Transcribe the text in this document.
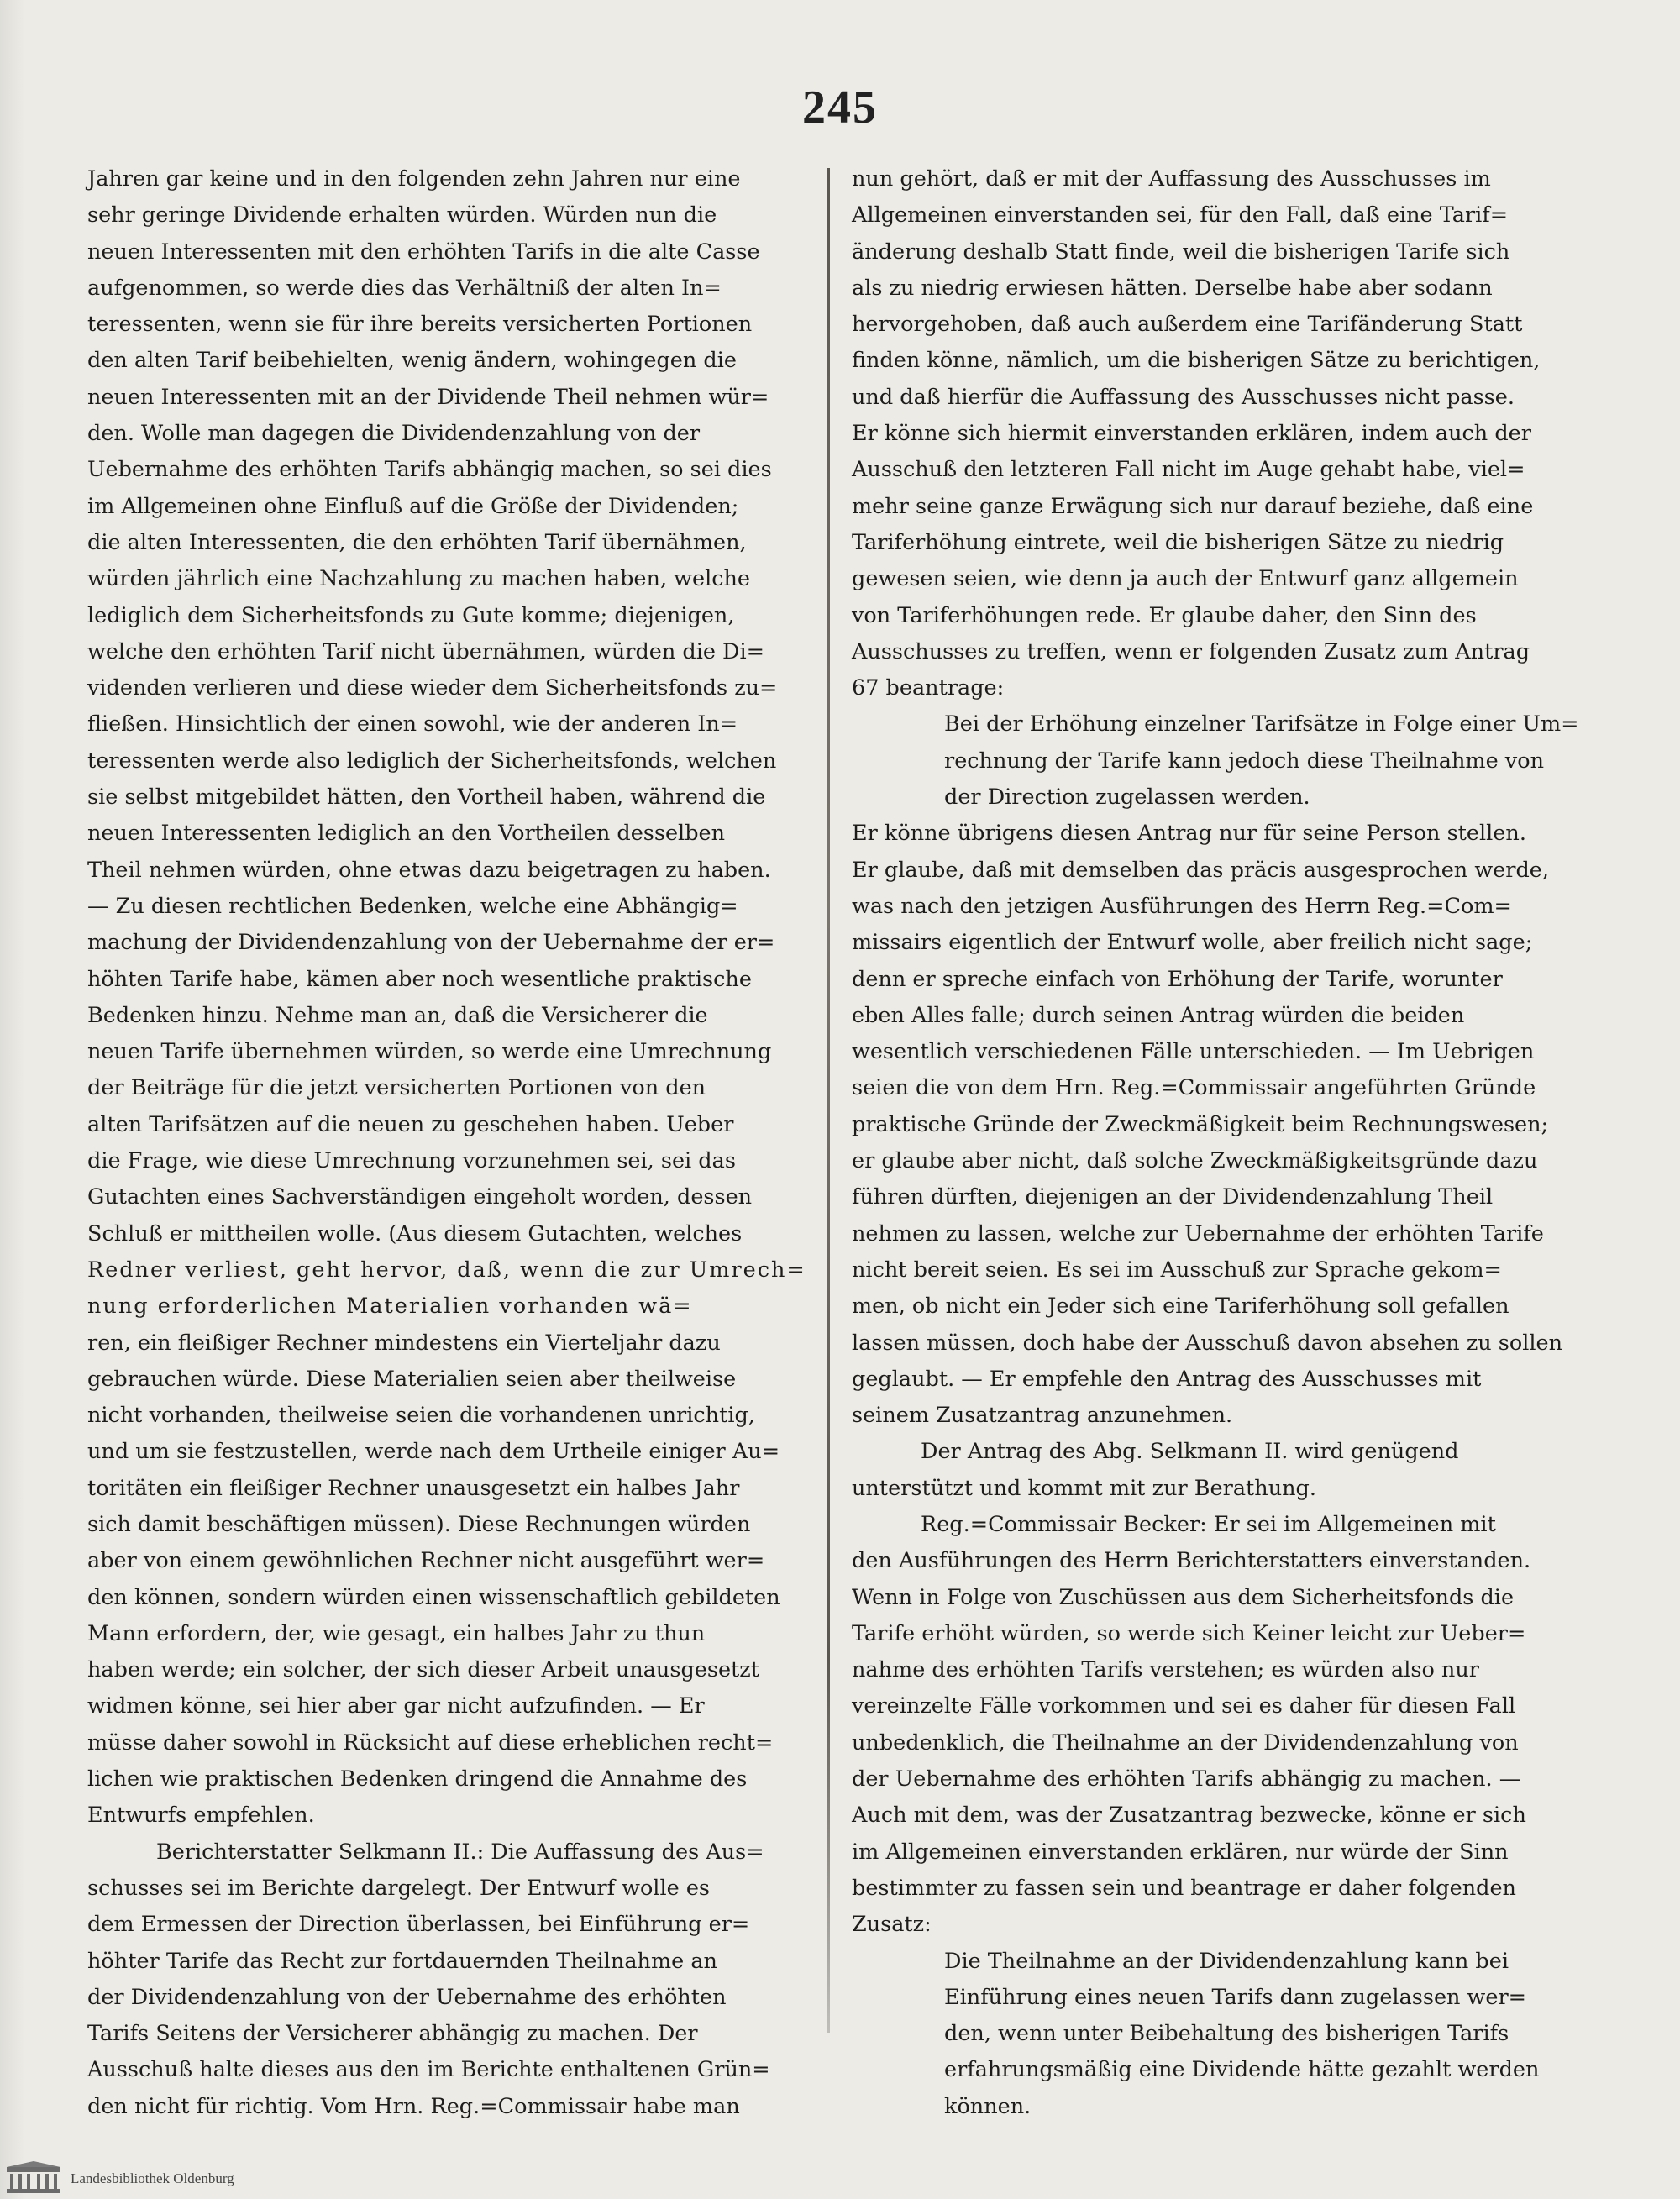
245
Jahren gar keine und in den folgenden zehn Jahren nur eine
sehr geringe Dividende erhalten würden. Würden nun die
neuen Interessenten mit den erhöhten Tarifs in die alte Casse
aufgenommen, so werde dies das Verhältniß der alten In=
teressenten, wenn sie für ihre bereits versicherten Portionen
den alten Tarif beibehielten, wenig ändern, wohingegen die
neuen Interessenten mit an der Dividende Theil nehmen wür=
den. Wolle man dagegen die Dividendenzahlung von der
Uebernahme des erhöhten Tarifs abhängig machen, so sei dies
im Allgemeinen ohne Einfluß auf die Größe der Dividenden;
die alten Interessenten, die den erhöhten Tarif übernähmen,
würden jährlich eine Nachzahlung zu machen haben, welche
lediglich dem Sicherheitsfonds zu Gute komme; diejenigen,
welche den erhöhten Tarif nicht übernähmen, würden die Di=
videnden verlieren und diese wieder dem Sicherheitsfonds zu=
fließen. Hinsichtlich der einen sowohl, wie der anderen In=
teressenten werde also lediglich der Sicherheitsfonds, welchen
sie selbst mitgebildet hätten, den Vortheil haben, während die
neuen Interessenten lediglich an den Vortheilen desselben
Theil nehmen würden, ohne etwas dazu beigetragen zu haben.
— Zu diesen rechtlichen Bedenken, welche eine Abhängig=
machung der Dividendenzahlung von der Uebernahme der er=
höhten Tarife habe, kämen aber noch wesentliche praktische
Bedenken hinzu. Nehme man an, daß die Versicherer die
neuen Tarife übernehmen würden, so werde eine Umrechnung
der Beiträge für die jetzt versicherten Portionen von den
alten Tarifsätzen auf die neuen zu geschehen haben. Ueber
die Frage, wie diese Umrechnung vorzunehmen sei, sei das
Gutachten eines Sachverständigen eingeholt worden, dessen
Schluß er mittheilen wolle. (Aus diesem Gutachten, welches
Redner verliest, geht hervor, daß, wenn die zur Umrech=
nung erforderlichen Materialien vorhanden wä=
ren, ein fleißiger Rechner mindestens ein Vierteljahr dazu
gebrauchen würde. Diese Materialien seien aber theilweise
nicht vorhanden, theilweise seien die vorhandenen unrichtig,
und um sie festzustellen, werde nach dem Urtheile einiger Au=
toritäten ein fleißiger Rechner unausgesetzt ein halbes Jahr
sich damit beschäftigen müssen). Diese Rechnungen würden
aber von einem gewöhnlichen Rechner nicht ausgeführt wer=
den können, sondern würden einen wissenschaftlich gebildeten
Mann erfordern, der, wie gesagt, ein halbes Jahr zu thun
haben werde; ein solcher, der sich dieser Arbeit unausgesetzt
widmen könne, sei hier aber gar nicht aufzufinden. — Er
müsse daher sowohl in Rücksicht auf diese erheblichen recht=
lichen wie praktischen Bedenken dringend die Annahme des
Entwurfs empfehlen.
Berichterstatter Selkmann II.: Die Auffassung des Aus=
schusses sei im Berichte dargelegt. Der Entwurf wolle es
dem Ermessen der Direction überlassen, bei Einführung er=
höhter Tarife das Recht zur fortdauernden Theilnahme an
der Dividendenzahlung von der Uebernahme des erhöhten
Tarifs Seitens der Versicherer abhängig zu machen. Der
Ausschuß halte dieses aus den im Berichte enthaltenen Grün=
den nicht für richtig. Vom Hrn. Reg.=Commissair habe man
nun gehört, daß er mit der Auffassung des Ausschusses im
Allgemeinen einverstanden sei, für den Fall, daß eine Tarif=
änderung deshalb Statt finde, weil die bisherigen Tarife sich
als zu niedrig erwiesen hätten. Derselbe habe aber sodann
hervorgehoben, daß auch außerdem eine Tarifänderung Statt
finden könne, nämlich, um die bisherigen Sätze zu berichtigen,
und daß hierfür die Auffassung des Ausschusses nicht passe.
Er könne sich hiermit einverstanden erklären, indem auch der
Ausschuß den letzteren Fall nicht im Auge gehabt habe, viel=
mehr seine ganze Erwägung sich nur darauf beziehe, daß eine
Tariferhöhung eintrete, weil die bisherigen Sätze zu niedrig
gewesen seien, wie denn ja auch der Entwurf ganz allgemein
von Tariferhöhungen rede. Er glaube daher, den Sinn des
Ausschusses zu treffen, wenn er folgenden Zusatz zum Antrag
67 beantrage:
Bei der Erhöhung einzelner Tarifsätze in Folge einer Um=
rechnung der Tarife kann jedoch diese Theilnahme von
der Direction zugelassen werden.
Er könne übrigens diesen Antrag nur für seine Person stellen.
Er glaube, daß mit demselben das präcis ausgesprochen werde,
was nach den jetzigen Ausführungen des Herrn Reg.=Com=
missairs eigentlich der Entwurf wolle, aber freilich nicht sage;
denn er spreche einfach von Erhöhung der Tarife, worunter
eben Alles falle; durch seinen Antrag würden die beiden
wesentlich verschiedenen Fälle unterschieden. — Im Uebrigen
seien die von dem Hrn. Reg.=Commissair angeführten Gründe
praktische Gründe der Zweckmäßigkeit beim Rechnungswesen;
er glaube aber nicht, daß solche Zweckmäßigkeitsgründe dazu
führen dürften, diejenigen an der Dividendenzahlung Theil
nehmen zu lassen, welche zur Uebernahme der erhöhten Tarife
nicht bereit seien. Es sei im Ausschuß zur Sprache gekom=
men, ob nicht ein Jeder sich eine Tariferhöhung soll gefallen
lassen müssen, doch habe der Ausschuß davon absehen zu sollen
geglaubt. — Er empfehle den Antrag des Ausschusses mit
seinem Zusatzantrag anzunehmen.
Der Antrag des Abg. Selkmann II. wird genügend
unterstützt und kommt mit zur Berathung.
Reg.=Commissair Becker: Er sei im Allgemeinen mit
den Ausführungen des Herrn Berichterstatters einverstanden.
Wenn in Folge von Zuschüssen aus dem Sicherheitsfonds die
Tarife erhöht würden, so werde sich Keiner leicht zur Ueber=
nahme des erhöhten Tarifs verstehen; es würden also nur
vereinzelte Fälle vorkommen und sei es daher für diesen Fall
unbedenklich, die Theilnahme an der Dividendenzahlung von
der Uebernahme des erhöhten Tarifs abhängig zu machen. —
Auch mit dem, was der Zusatzantrag bezwecke, könne er sich
im Allgemeinen einverstanden erklären, nur würde der Sinn
bestimmter zu fassen sein und beantrage er daher folgenden
Zusatz:
Die Theilnahme an der Dividendenzahlung kann bei
Einführung eines neuen Tarifs dann zugelassen wer=
den, wenn unter Beibehaltung des bisherigen Tarifs
erfahrungsmäßig eine Dividende hätte gezahlt werden
können.
Landesbibliothek Oldenburg
